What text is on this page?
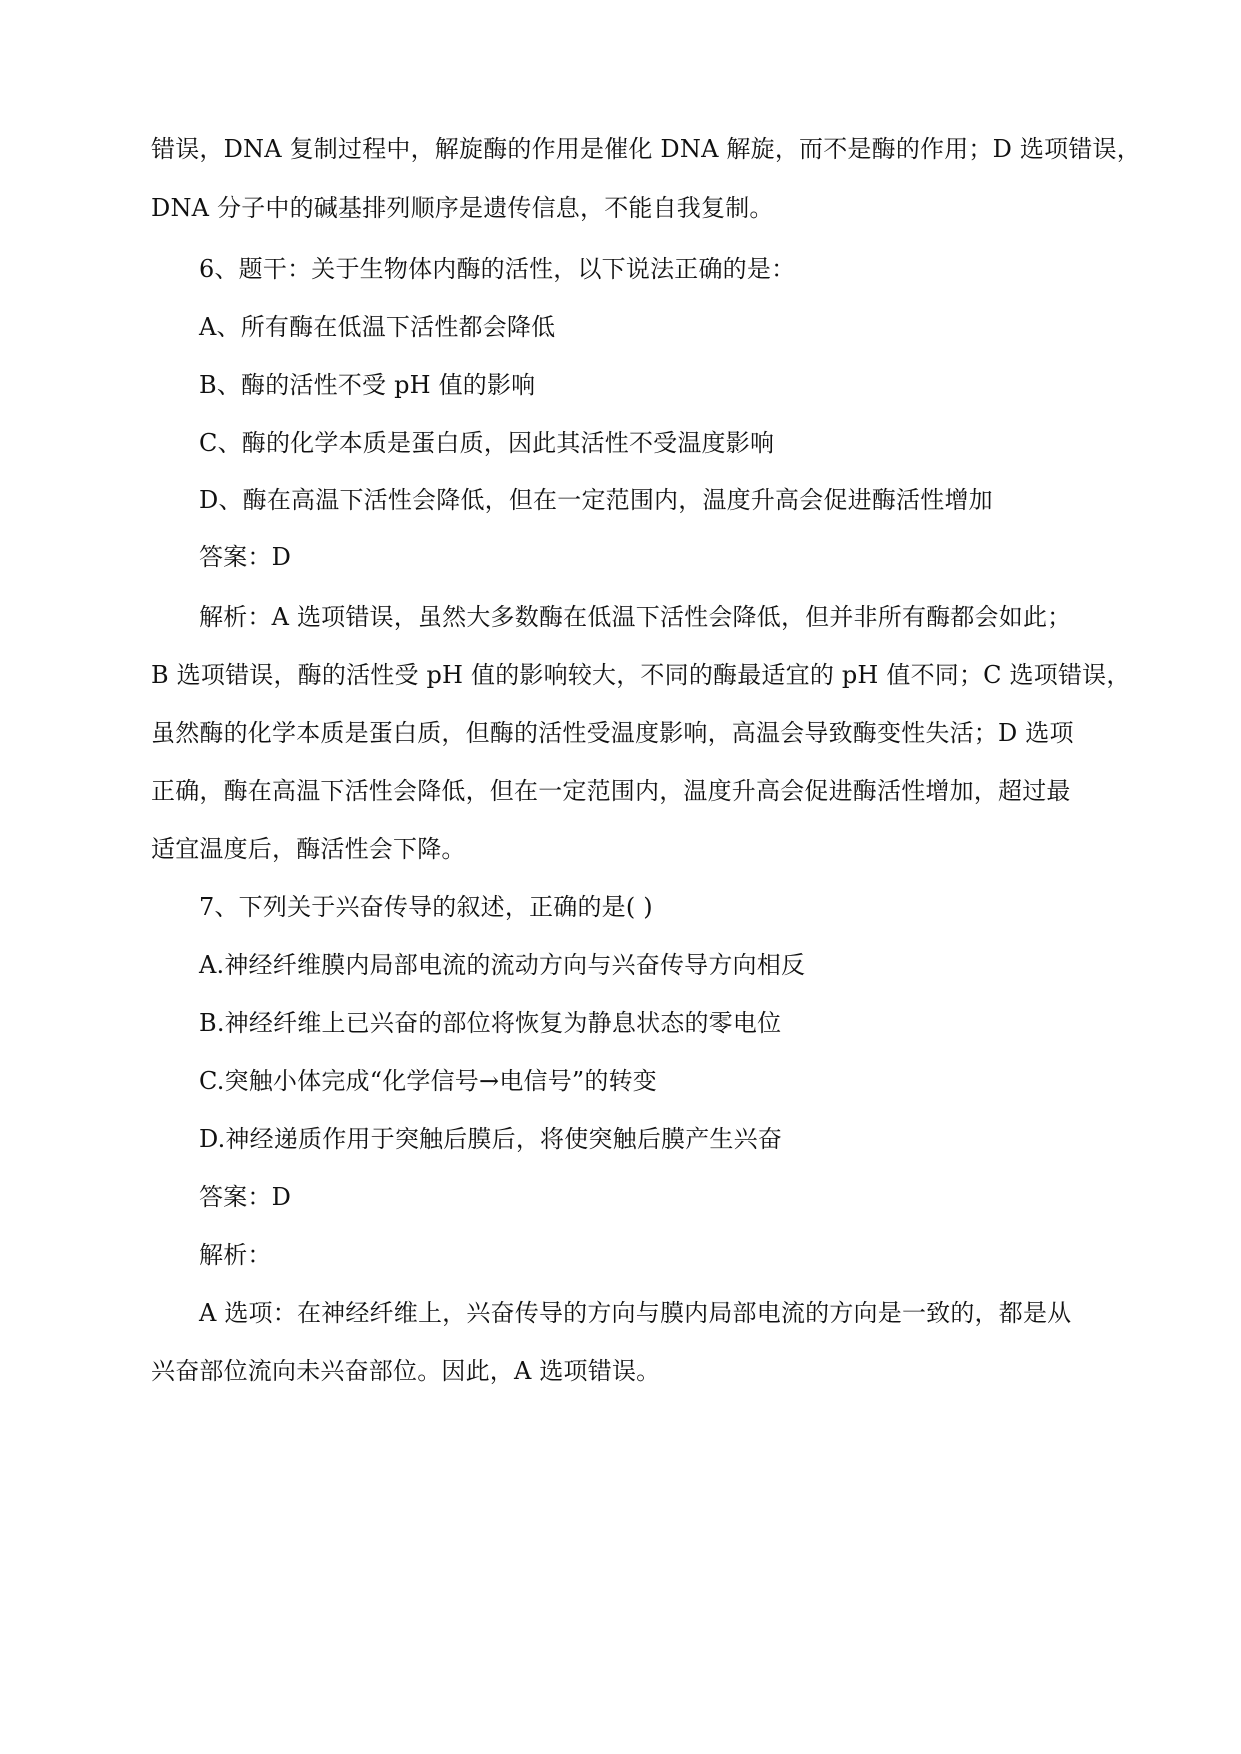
错误，DNA 复制过程中，解旋酶的作用是催化 DNA 解旋，而不是酶的作用；D 选项错误，
DNA 分子中的碱基排列顺序是遗传信息，不能自我复制。
6、题干：关于生物体内酶的活性，以下说法正确的是：
A、所有酶在低温下活性都会降低
B、酶的活性不受 pH 值的影响
C、酶的化学本质是蛋白质，因此其活性不受温度影响
D、酶在高温下活性会降低，但在一定范围内，温度升高会促进酶活性增加
答案：D
解析：A 选项错误，虽然大多数酶在低温下活性会降低，但并非所有酶都会如此；
B 选项错误，酶的活性受 pH 值的影响较大，不同的酶最适宜的 pH 值不同；C 选项错误，
虽然酶的化学本质是蛋白质，但酶的活性受温度影响，高温会导致酶变性失活；D 选项
正确，酶在高温下活性会降低，但在一定范围内，温度升高会促进酶活性增加，超过最
适宜温度后，酶活性会下降。
7、下列关于兴奋传导的叙述，正确的是( )
A.神经纤维膜内局部电流的流动方向与兴奋传导方向相反
B.神经纤维上已兴奋的部位将恢复为静息状态的零电位
C.突触小体完成“化学信号→电信号”的转变
D.神经递质作用于突触后膜后，将使突触后膜产生兴奋
答案：D
解析：
A 选项：在神经纤维上，兴奋传导的方向与膜内局部电流的方向是一致的，都是从
兴奋部位流向未兴奋部位。因此，A 选项错误。
